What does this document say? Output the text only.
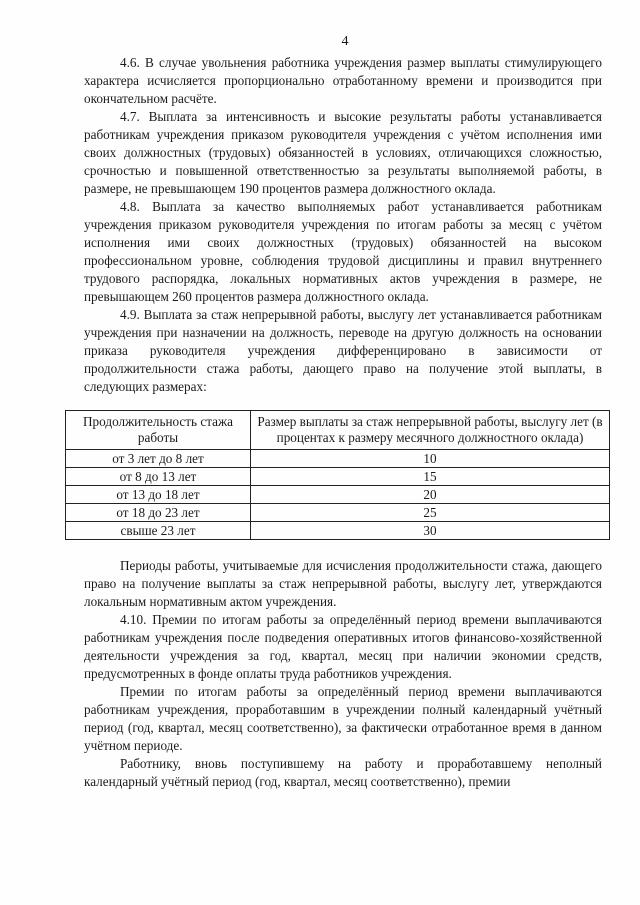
4

4.6. В случае увольнения работника учреждения размер выплаты стимулирующего характера исчисляется пропорционально отработанному времени и производится при окончательном расчёте.

4.7. Выплата за интенсивность и высокие результаты работы устанавливается работникам учреждения приказом руководителя учреждения с учётом исполнения ими своих должностных (трудовых) обязанностей в условиях, отличающихся сложностью, срочностью и повышенной ответственностью за результаты выполняемой работы, в размере, не превышающем 190 процентов размера должностного оклада.

4.8. Выплата за качество выполняемых работ устанавливается работникам учреждения приказом руководителя учреждения по итогам работы за месяц с учётом исполнения ими своих должностных (трудовых) обязанностей на высоком профессиональном уровне, соблюдения трудовой дисциплины и правил внутреннего трудового распорядка, локальных нормативных актов учреждения в размере, не превышающем 260 процентов размера должностного оклада.

4.9. Выплата за стаж непрерывной работы, выслугу лет устанавливается работникам учреждения при назначении на должность, переводе на другую должность на основании приказа руководителя учреждения дифференцировано в зависимости от продолжительности стажа работы, дающего право на получение этой выплаты, в следующих размерах:

Продолжительность стажа работы	Размер выплаты за стаж непрерывной работы, выслугу лет (в процентах к размеру месячного должностного оклада)
от 3 лет до 8 лет	10
от 8 до 13 лет	15
от 13 до 18 лет	20
от 18 до 23 лет	25
свыше 23 лет	30

Периоды работы, учитываемые для исчисления продолжительности стажа, дающего право на получение выплаты за стаж непрерывной работы, выслугу лет, утверждаются локальным нормативным актом учреждения.

4.10. Премии по итогам работы за определённый период времени выплачиваются работникам учреждения после подведения оперативных итогов финансово-хозяйственной деятельности учреждения за год, квартал, месяц при наличии экономии средств, предусмотренных в фонде оплаты труда работников учреждения.

Премии по итогам работы за определённый период времени выплачиваются работникам учреждения, проработавшим в учреждении полный календарный учётный период (год, квартал, месяц соответственно), за фактически отработанное время в данном учётном периоде.

Работнику, вновь поступившему на работу и проработавшему неполный календарный учётный период (год, квартал, месяц соответственно), премии
